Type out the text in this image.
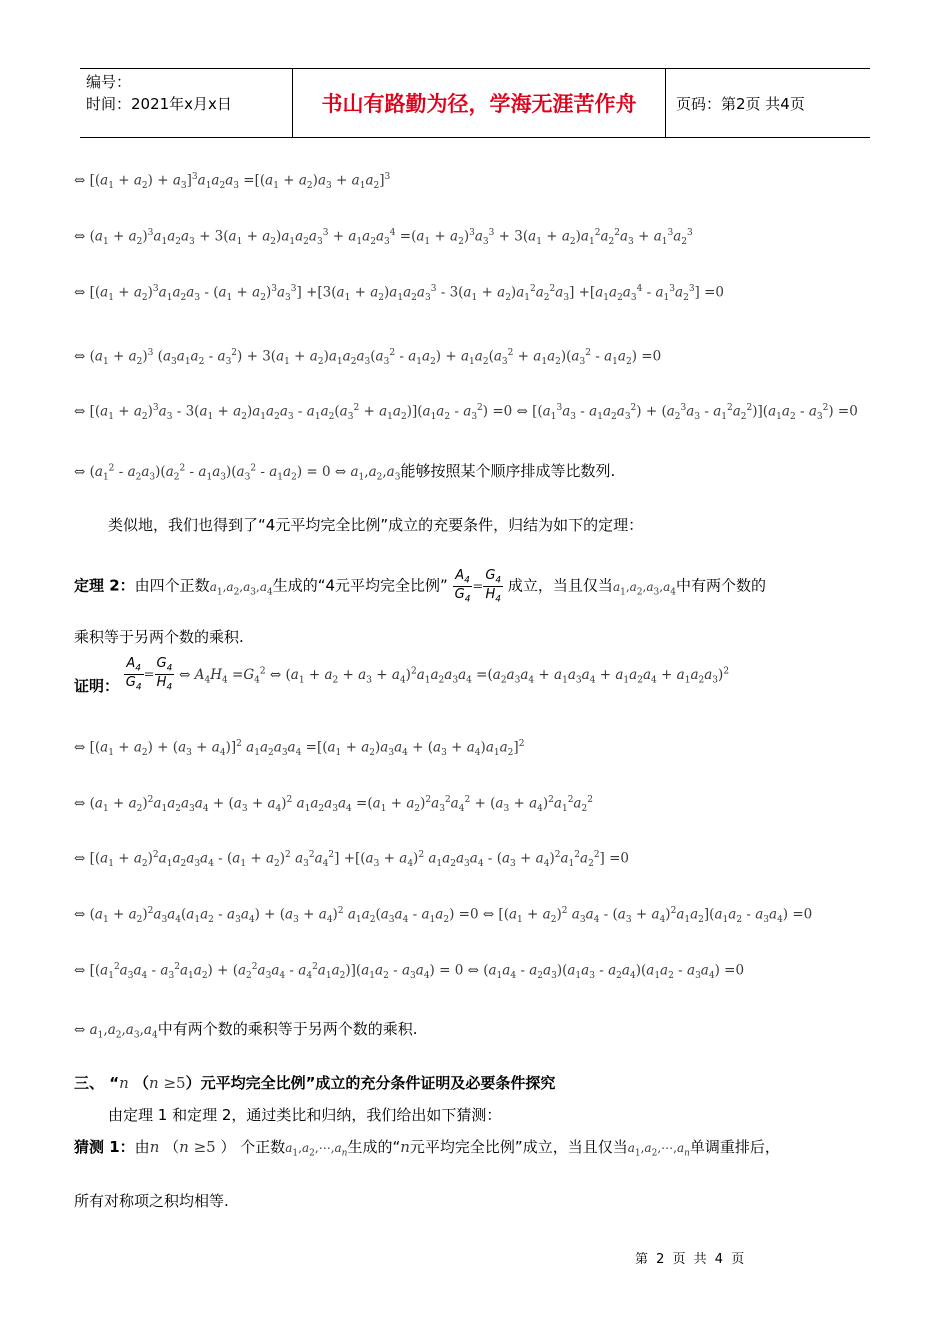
编号：
时间：2021年x月x日	书山有路勤为径，学海无涯苦作舟	页码：第2页 共4页
⇔ $[(a_1 + a_2) + a_3]^3a_1a_2a_3 =[(a_1 + a_2)a_3 + a_1a_2]^3$
⇔ $(a_1 + a_2)^3a_1a_2a_3 + 3(a_1 + a_2)a_1a_2a_3^3 + a_1a_2a_3^4 =(a_1 + a_2)^3a_3^3 + 3(a_1 + a_2)a_1^2a_2^2a_3 + a_1^3a_2^3$
⇔ $[(a_1 + a_2)^3a_1a_2a_3 - (a_1 + a_2)^3a_3^3] +[3(a_1 + a_2)a_1a_2a_3^3 - 3(a_1 + a_2)a_1^2a_2^2a_3] +[a_1a_2a_3^4 - a_1^3a_2^3] =0$
⇔ $(a_1 + a_2)^3$ $(a_3a_1a_2 - a_3^2) + 3(a_1 + a_2)a_1a_2a_3(a_3^2 - a_1a_2) + a_1a_2(a_3^2 + a_1a_2)(a_3^2 - a_1a_2) =0$
⇔ $[(a_1 + a_2)^3a_3 - 3(a_1 + a_2)a_1a_2a_3 - a_1a_2(a_3^2 + a_1a_2)](a_1a_2 - a_3^2) =0$ ⇔ $[(a_1^3a_3 - a_1a_2a_3^2) + (a_2^3a_3 - a_1^2a_2^2)](a_1a_2 - a_3^2) =0$
⇔ $(a_1^2 - a_2a_3)(a_2^2 - a_1a_3)(a_3^2 - a_1a_2) = 0$ ⇔ $a_1,a_2,a_3$能够按照某个顺序排成等比数列.
类似地，我们也得到了“4元平均完全比例”成立的充要条件，归结为如下的定理：
定理 2：由四个正数$a_1,a_2,a_3,a_4$生成的“4元平均完全比例” $\frac{A_4}{G_4} = \frac{G_4}{H_4}$ 成立，当且仅当$a_1,a_2,a_3,a_4$中有两个数的
乘积等于另两个数的乘积.
证明： $\frac{A_4}{G_4} = \frac{G_4}{H_4}$ ⇔ $A_4H_4 =G_4^2$ ⇔ $(a_1 + a_2 + a_3 + a_4)^2a_1a_2a_3a_4 =(a_2a_3a_4 + a_1a_3a_4 + a_1a_2a_4 + a_1a_2a_3)^2$
⇔ $[(a_1 + a_2) + (a_3 + a_4)]^2$ $a_1a_2a_3a_4 =[(a_1 + a_2)a_3a_4 + (a_3 + a_4)a_1a_2]^2$
⇔ $(a_1 + a_2)^2a_1a_2a_3a_4 + (a_3 + a_4)^2$ $a_1a_2a_3a_4 =(a_1 + a_2)^2a_3^2a_4^2 + (a_3 + a_4)^2a_1^2a_2^2$
⇔ [$(a_1 + a_2)^2a_1a_2a_3a_4 - (a_1 + a_2)^2$ $a_3^2a_4^2] +[(a_3 + a_4)^2$ $a_1a_2a_3a_4 - (a_3 + a_4)^2a_1^2a_2^2] =0$
⇔ $(a_1 + a_2)^2a_3a_4(a_1a_2 - a_3a_4) + (a_3 + a_4)^2$ $a_1a_2(a_3a_4 - a_1a_2) =0$ ⇔ [$(a_1 + a_2)^2$ $a_3a_4 - (a_3 + a_4)^2a_1a_2](a_1a_2 - a_3a_4) =0$
⇔ $[(a_1^2a_3a_4 - a_3^2a_1a_2) + (a_2^2a_3a_4 - a_4^2a_1a_2)](a_1a_2 - a_3a_4) = 0$ ⇔ $(a_1a_4 - a_2a_3)(a_1a_3 - a_2a_4)(a_1a_2 - a_3a_4) =0$
⇔ $a_1,a_2,a_3,a_4$中有两个数的乘积等于另两个数的乘积.
三、 “n （n ≥5）元平均完全比例”成立的充分条件证明及必要条件探究
由定理 1 和定理 2，通过类比和归纳，我们给出如下猜测：
猜测 1：由n （n ≥5 ） 个正数$a_1,a_2,\cdots,a_n$生成的“n元平均完全比例”成立，当且仅当$a_1,a_2,\cdots,a_n$单调重排后，
所有对称项之积均相等.
第 2 页 共 4 页
